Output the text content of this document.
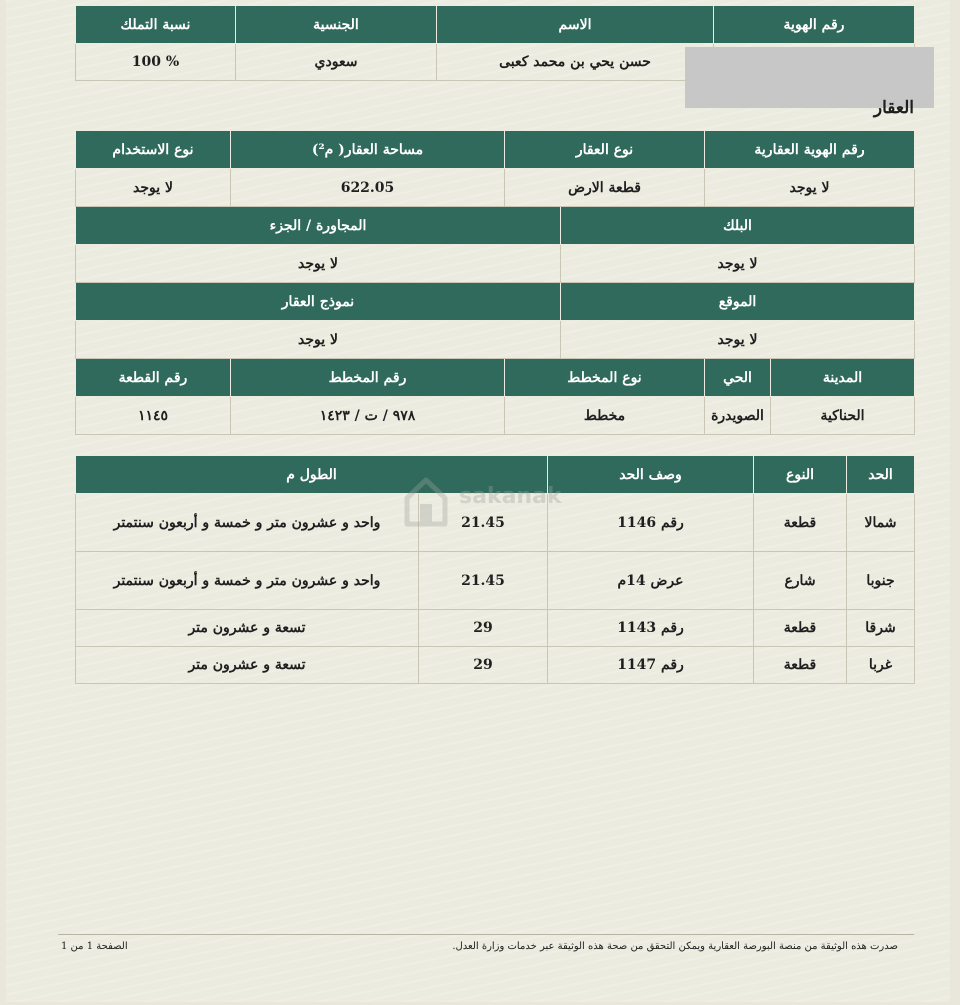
رقم الهوية	الاسم	الجنسية	نسبة التملك
	حسن يحي بن محمد كعبى	سعودي	100 %
العقار
رقم الهوية العقارية		نوع العقار		مساحة العقار( م²)	نوع الاستخدام
لا يوجد		قطعة الارض		622.05	لا يوجد
البلك			المجاورة / الجزء		
لا يوجد			لا يوجد		
الموقع			نموذج العقار		
لا يوجد			لا يوجد		
المدينة	الحي	نوع المخطط		رقم المخطط	رقم القطعة
الحناكية	الصويدرة	مخطط		٩٧٨ / ت / ١٤٢٣	١١٤٥
الحد	النوع	وصف الحد	الطول م	
شمالا	قطعة	رقم 1146	21.45	واحد و عشرون متر و خمسة و أربعون سنتمتر
جنوبا	شارع	عرض 14م	21.45	واحد و عشرون متر و خمسة و أربعون سنتمتر
شرقا	قطعة	رقم 1143	29	تسعة و عشرون متر
غربا	قطعة	رقم 1147	29	تسعة و عشرون متر
sakanak
الصفحة 1 من 1	صدرت هذه الوثيقة من منصة البورصة العقارية ويمكن التحقق من صحة هذه الوثيقة عبر خدمات وزارة العدل.
